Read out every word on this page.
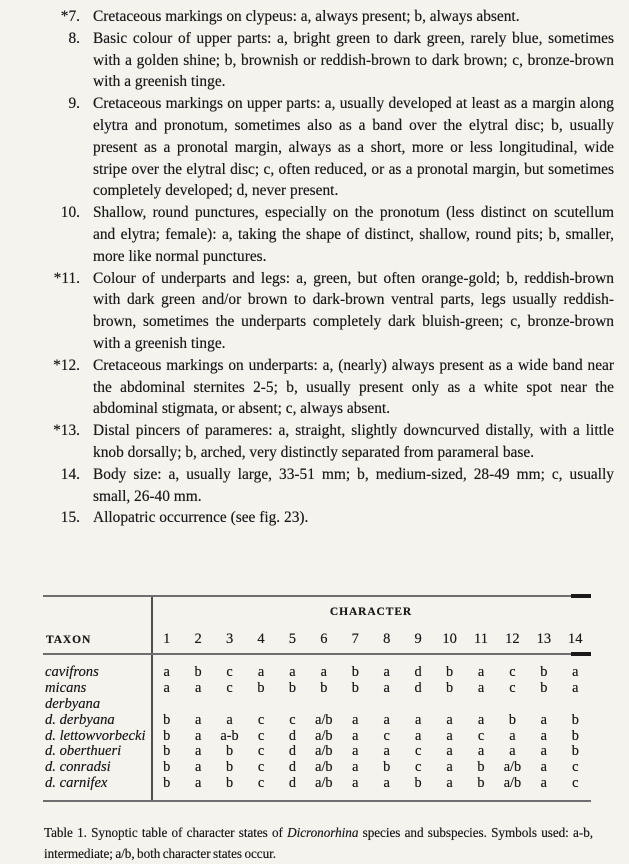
*7. Cretaceous markings on clypeus: a, always present; b, always absent.
8. Basic colour of upper parts: a, bright green to dark green, rarely blue, sometimes with a golden shine; b, brownish or reddish-brown to dark brown; c, bronze-brown with a greenish tinge.
9. Cretaceous markings on upper parts: a, usually developed at least as a margin along elytra and pronotum, sometimes also as a band over the elytral disc; b, usually present as a pronotal margin, always as a short, more or less longitudinal, wide stripe over the elytral disc; c, often reduced, or as a pronotal margin, but sometimes completely developed; d, never present.
10. Shallow, round punctures, especially on the pronotum (less distinct on scutellum and elytra; female): a, taking the shape of distinct, shallow, round pits; b, smaller, more like normal punctures.
*11. Colour of underparts and legs: a, green, but often orange-gold; b, reddish-brown with dark green and/or brown to dark-brown ventral parts, legs usually reddish-brown, sometimes the underparts completely dark bluish-green; c, bronze-brown with a greenish tinge.
*12. Cretaceous markings on underparts: a, (nearly) always present as a wide band near the abdominal sternites 2-5; b, usually present only as a white spot near the abdominal stigmata, or absent; c, always absent.
*13. Distal pincers of parameres: a, straight, slightly downcurved distally, with a little knob dorsally; b, arched, very distinctly separated from parameral base.
14. Body size: a, usually large, 33-51 mm; b, medium-sized, 28-49 mm; c, usually small, 26-40 mm.
15. Allopatric occurrence (see fig. 23).
CHARACTER
TAXON	1	2	3	4	5	6	7	8	9	10	11	12	13	14
cavifrons	a	b	c	a	a	a	b	a	d	b	a	c	b	a
micans	a	a	c	b	b	b	b	a	d	b	a	c	b	a
derbyana
d. derbyana	b	a	a	c	c	a/b	a	a	a	a	a	b	a	b
d. lettowvorbecki	b	a	a-b	c	d	a/b	a	c	a	a	c	a	a	b
d. oberthueri	b	a	b	c	d	a/b	a	a	c	a	a	a	a	b
d. conradsi	b	a	b	c	d	a/b	a	b	c	a	b	a/b	a	c
d. carnifex	b	a	b	c	d	a/b	a	a	b	a	b	a/b	a	c

Table 1. Synoptic table of character states of Dicronorhina species and subspecies. Symbols used: a-b, intermediate; a/b, both character states occur.
